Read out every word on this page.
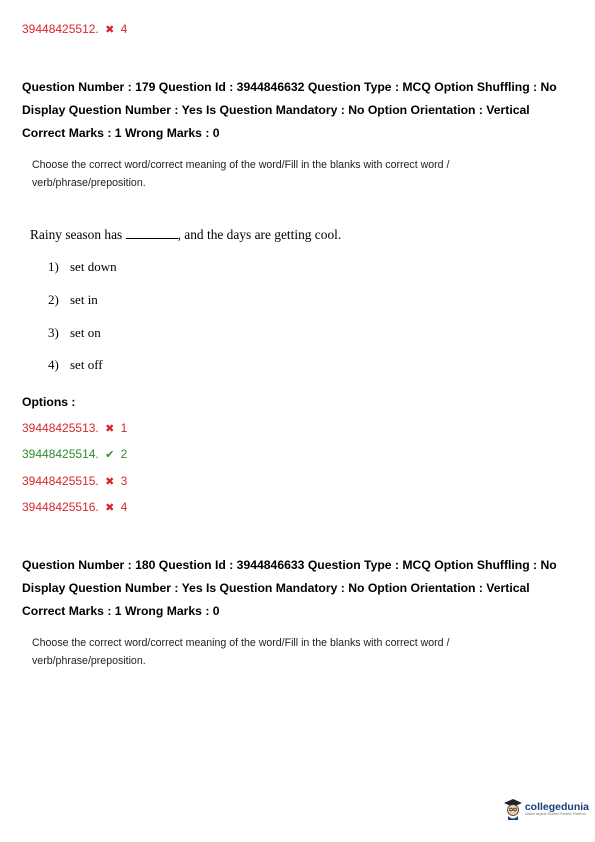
39448425512. ✖ 4
Question Number : 179 Question Id : 3944846632 Question Type : MCQ Option Shuffling : No
Display Question Number : Yes Is Question Mandatory : No Option Orientation : Vertical
Correct Marks : 1 Wrong Marks : 0
Choose the correct word/correct meaning of the word/Fill in the blanks with correct word /
verb/phrase/preposition.
Rainy season has	, and the days are getting cool.
1) set down
2) set in
3) set on
4) set off
Options :
39448425513. ✖ 1
39448425514. ✔ 2
39448425515. ✖ 3
39448425516. ✖ 4
Question Number : 180 Question Id : 3944846633 Question Type : MCQ Option Shuffling : No
Display Question Number : Yes Is Question Mandatory : No Option Orientation : Vertical
Correct Marks : 1 Wrong Marks : 0
Choose the correct word/correct meaning of the word/Fill in the blanks with correct word /
verb/phrase/preposition.
collegedunia
India's largest Student Review Platform
